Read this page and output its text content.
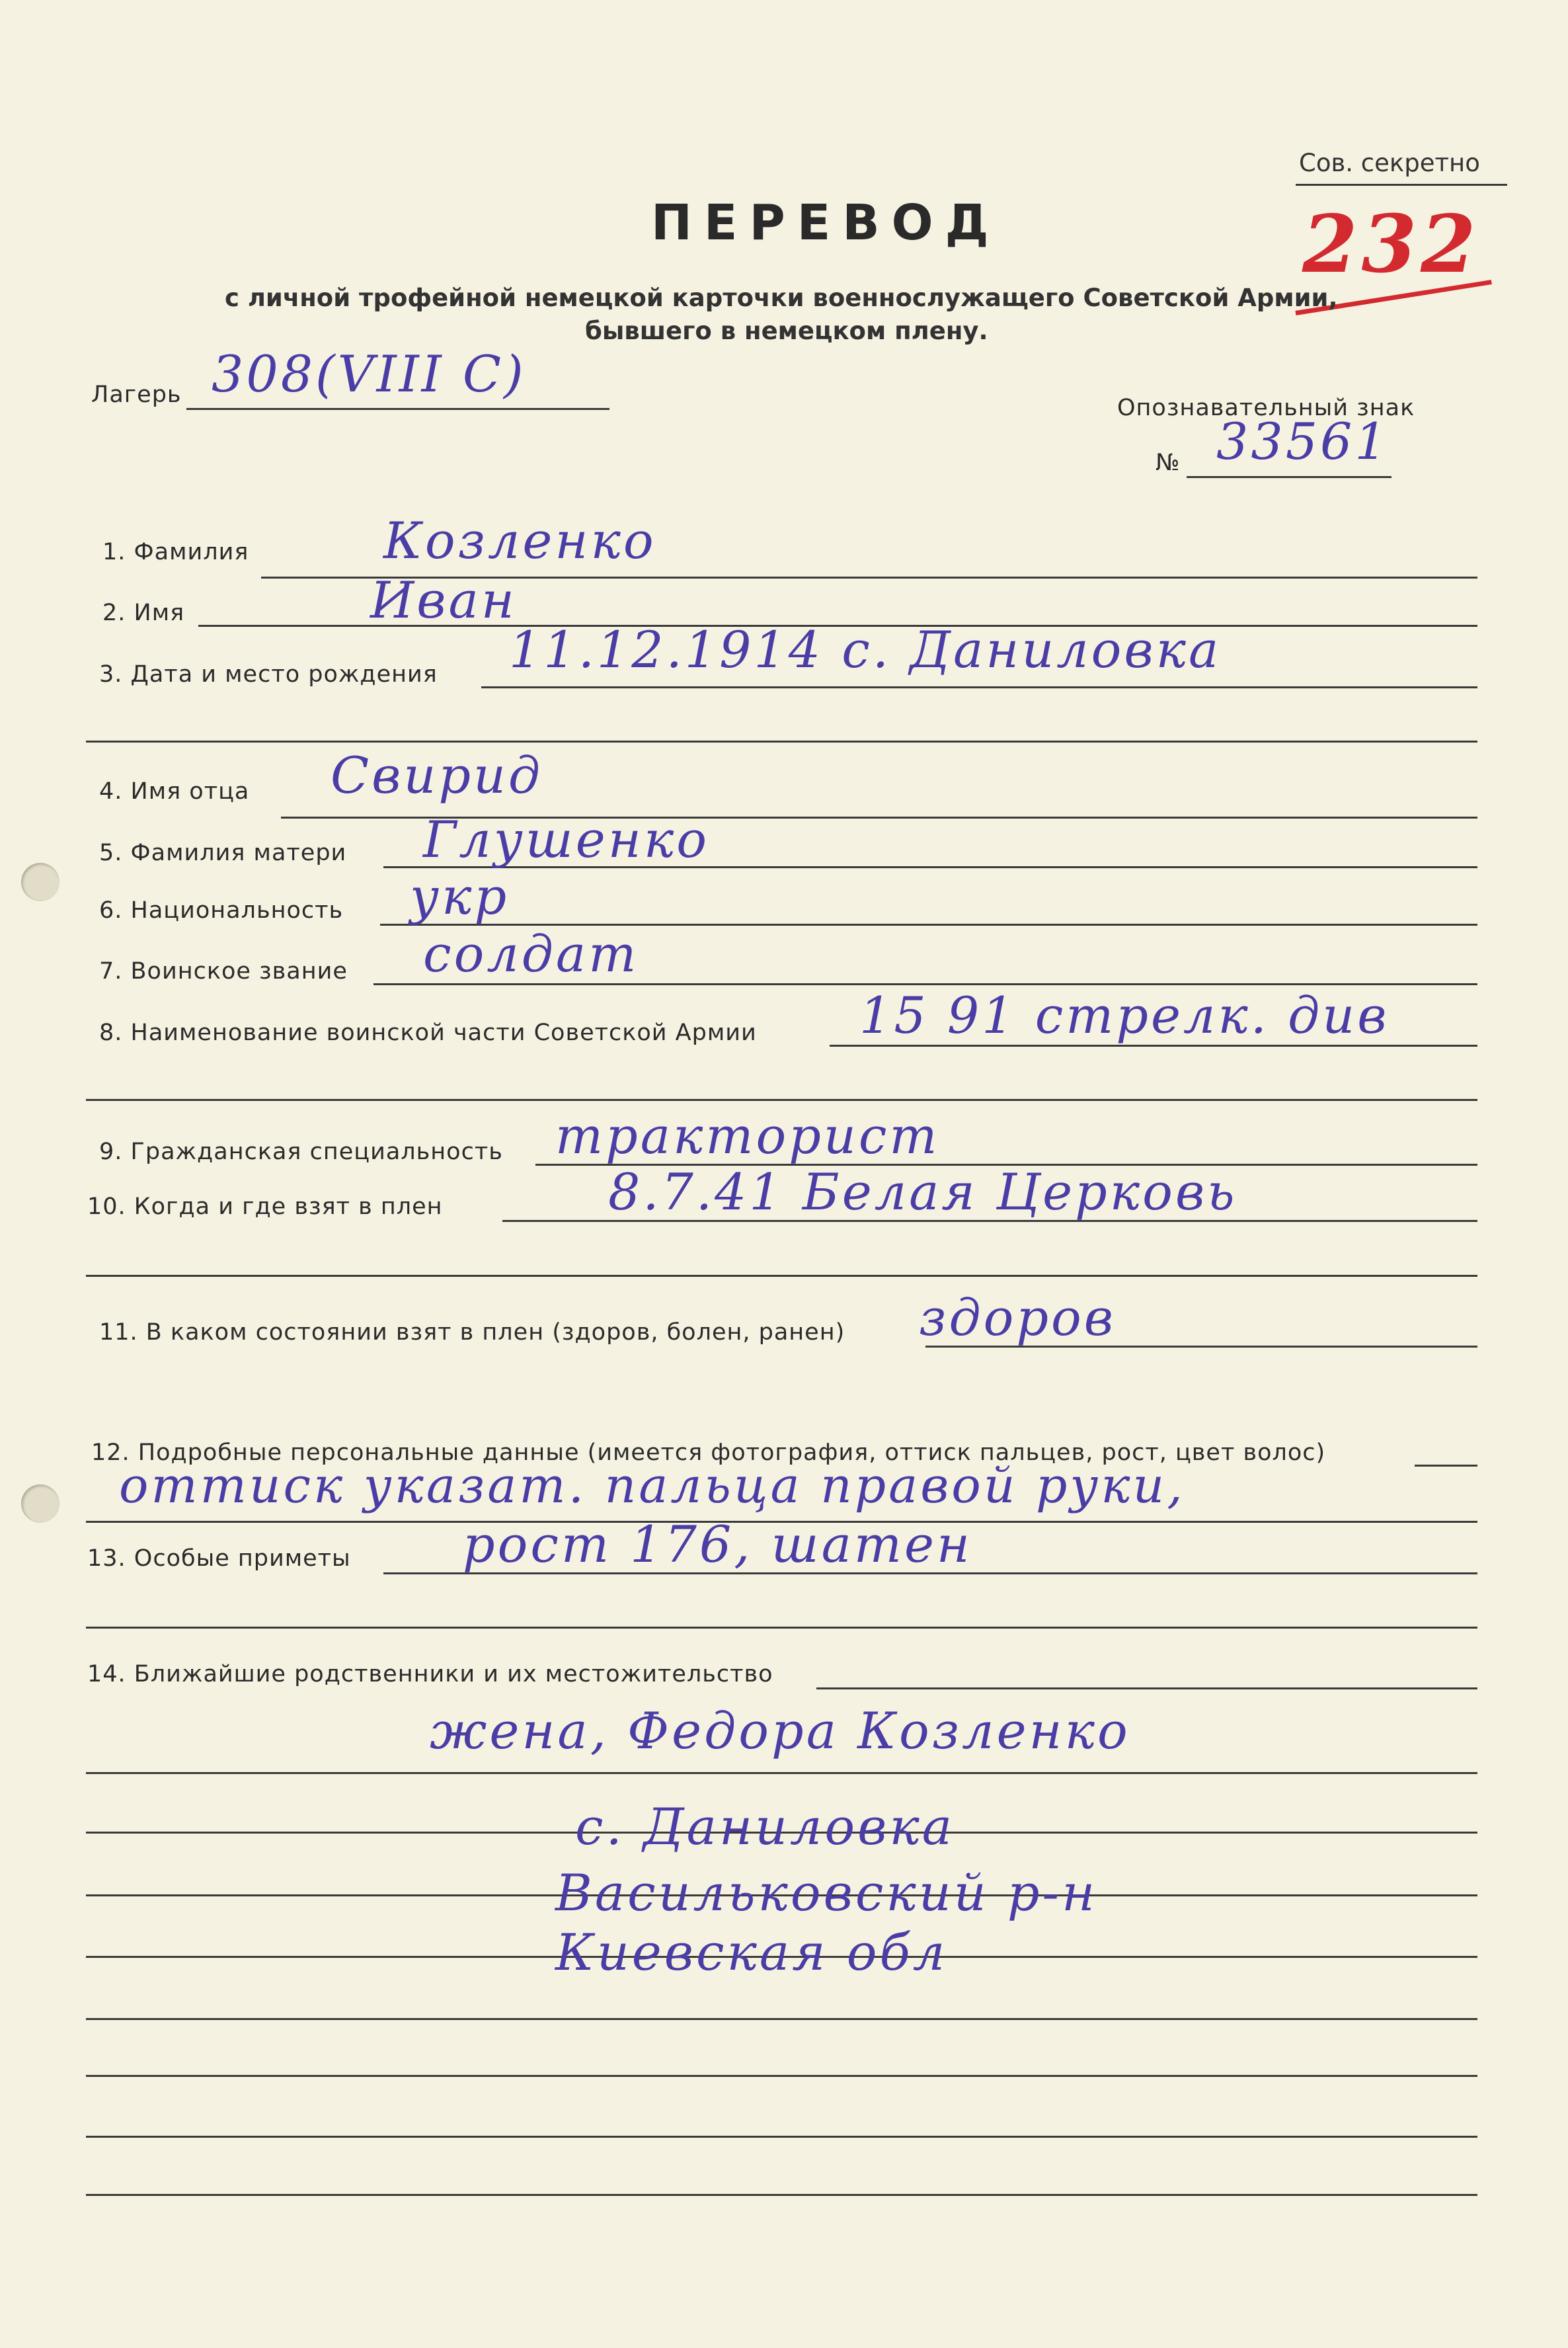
Сов. секретно
232
ПЕРЕВОД
с личной трофейной немецкой карточки военнослужащего Советской Армии,
бывшего в немецком плену.
Лагерь 308(VIII C)
Опознавательный знак
№ 33561
1. Фамилия	Козленко
2. Имя	Иван
3. Дата и место рождения 11.12.1914 с. Даниловка
4. Имя отца Свирид
5. Фамилия матери Глушенко
6. Национальность укр
7. Воинское звание солдат
8. Наименование воинской части Советской Армии 15 91 стрелк. див
9. Гражданская специальность тракторист
10. Когда и где взят в плен	8.7.41 Белая Церковь
11. В каком состоянии взят в плен (здоров, болен, ранен) здоров
12. Подробные персональные данные (имеется фотография, оттиск пальцев, рост, цвет волос)
оттиск указат. пальца правой руки,
13. Особые приметы рост 176, шатен
14. Ближайшие родственники и их местожительство
жена, Федора Козленко
с. Даниловка
Васильковский р-н
Киевская обл
